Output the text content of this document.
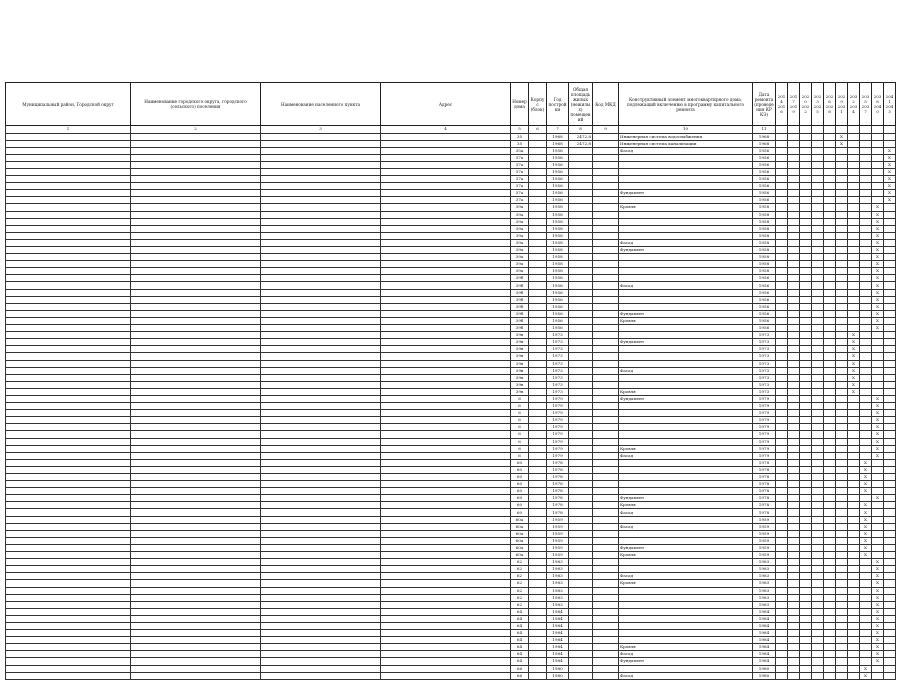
Муниципальный район, Городской округ	Наименование городского округа, городского (сельского) поселения	Наименование населенного пункта	Адрес	Номер дома	Корпус (блок)	Год постройки	Общая площадь жилых (нежилых) помещений	Код МКД	Конструктивный элемент многоквартирного дома, подлежащий включению в программу капитального ремонта	Дата ремонта (проведения КР КЭ)	2014 2016	2017 2019	2020 2022	2023 2025	2026 2028	2029 2031	2032 2034	2035 2037	2038 2040	2041 2043
1	2	3	4	5	6	7	8	9	10	11										
				35		1968	2472,8		Инженерная система водоснабжения	1968						X				
				35		1968	2472,8		Инженерная система канализации	1968						X				
				35а		1956			Фасад	1956										X
				37а		1956				1956										X
				37а		1956				1956										X
				37а		1956				1956										X
				37а		1956				1956										X
				37а		1956				1956										X
				37а		1956			Фундамент	1956										X
				37а		1956				1956										X
				39а		1958			Кровля	1958									X	
				39а		1958				1958									X	
				39а		1958				1958									X	
				39а		1958				1958									X	
				39а		1958				1958									X	
				39а		1958			Фасад	1958									X	
				39а		1958			Фундамент	1958									X	
				39а		1958				1958									X	
				39а		1958				1958									X	
				39а		1958				1958									X	
				39б		1956				1956									X	
				39б		1956			Фасад	1956									X	
				39б		1956				1956									X	
				39б		1956				1956									X	
				39б		1956				1956									X	
				39б		1956			Фундамент	1956									X	
				39б		1956			Кровля	1956									X	
				39б		1956				1956									X	
				39в		1973				1973							X			
				39в		1973			Фундамент	1973							X			
				39в		1973				1973							X			
				39в		1973				1973							X			
				39в		1973				1973							X			
				39в		1973			Фасад	1973							X			
				39в		1973				1973							X			
				39в		1973				1973							X			
				39в		1973			Кровля	1973							X			
				6		1979			Фундамент	1979									X	
				6		1979				1979									X	
				6		1979				1979									X	
				6		1979				1979									X	
				6		1979				1979									X	
				6		1979				1979									X	
				6		1979				1979									X	
				6		1979			Кровля	1979									X	
				6		1979			Фасад	1979									X	
				60		1978				1978								X		
				60		1978				1978								X		
				60		1978				1978								X		
				60		1978				1978								X		
				60		1978				1978								X		
				60		1978			Фундамент	1978									X	
				60		1978			Кровля	1978								X		
				60		1978			Фасад	1978								X		
				60а		1959				1959								X		
				60а		1959			Фасад	1959								X		
				60а		1959				1959								X		
				60а		1959				1959								X		
				60а		1959			Фундамент	1959								X		
				60а		1959			Кровля	1959								X		
				62		1983				1983									X	
				62		1983				1983									X	
				62		1983			Фасад	1983									X	
				62		1983			Кровля	1983									X	
				62		1983				1983									X	
				62		1983				1983									X	
				62		1983				1983									X	
				64		1984				1984									X	
				64		1984				1984									X	
				64		1984				1984									X	
				64		1984				1984									X	
				64		1984				1984									X	
				64		1984			Кровля	1984									X	
				64		1984			Фасад	1984									X	
				64		1984			Фундамент	1984									X	
				66		1980				1980								X		
				66		1980			Фасад	1980								X		
